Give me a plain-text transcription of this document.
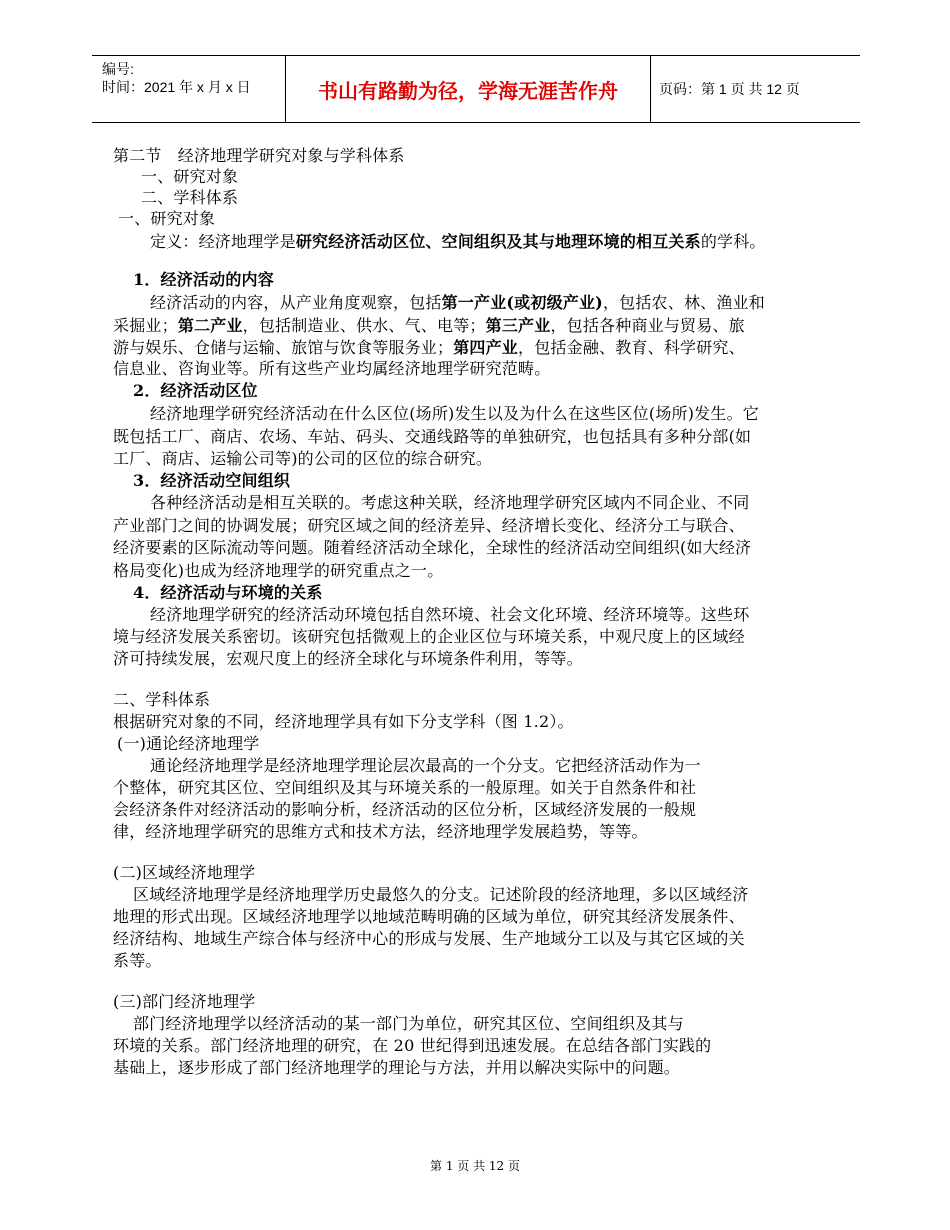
编号:
时间：2021 年 x 月 x 日	书山有路勤为径，学海无涯苦作舟	页码：第 1 页 共 12 页
第二节　经济地理学研究对象与学科体系
一、研究对象
二、学科体系
一、研究对象
定义：经济地理学是研究经济活动区位、空间组织及其与地理环境的相互关系的学科。
1．经济活动的内容
经济活动的内容，从产业角度观察，包括第一产业(或初级产业)，包括农、林、渔业和
采掘业；第二产业，包括制造业、供水、气、电等；第三产业，包括各种商业与贸易、旅
游与娱乐、仓储与运输、旅馆与饮食等服务业；第四产业，包括金融、教育、科学研究、
信息业、咨询业等。所有这些产业均属经济地理学研究范畴。
2．经济活动区位
经济地理学研究经济活动在什么区位(场所)发生以及为什么在这些区位(场所)发生。它
既包括工厂、商店、农场、车站、码头、交通线路等的单独研究，也包括具有多种分部(如
工厂、商店、运输公司等)的公司的区位的综合研究。
3．经济活动空间组织
各种经济活动是相互关联的。考虑这种关联，经济地理学研究区域内不同企业、不同
产业部门之间的协调发展；研究区域之间的经济差异、经济增长变化、经济分工与联合、
经济要素的区际流动等问题。随着经济活动全球化，全球性的经济活动空间组织(如大经济
格局变化)也成为经济地理学的研究重点之一。
4．经济活动与环境的关系
经济地理学研究的经济活动环境包括自然环境、社会文化环境、经济环境等。这些环
境与经济发展关系密切。该研究包括微观上的企业区位与环境关系，中观尺度上的区域经
济可持续发展，宏观尺度上的经济全球化与环境条件利用，等等。
二、学科体系
根据研究对象的不同，经济地理学具有如下分支学科（图 1.2）。
(一)通论经济地理学
通论经济地理学是经济地理学理论层次最高的一个分支。它把经济活动作为一
个整体，研究其区位、空间组织及其与环境关系的一般原理。如关于自然条件和社
会经济条件对经济活动的影响分析，经济活动的区位分析，区域经济发展的一般规
律，经济地理学研究的思维方式和技术方法，经济地理学发展趋势，等等。
(二)区域经济地理学
区域经济地理学是经济地理学历史最悠久的分支。记述阶段的经济地理，多以区域经济
地理的形式出现。区域经济地理学以地域范畴明确的区域为单位，研究其经济发展条件、
经济结构、地域生产综合体与经济中心的形成与发展、生产地域分工以及与其它区域的关
系等。
(三)部门经济地理学
部门经济地理学以经济活动的某一部门为单位，研究其区位、空间组织及其与
环境的关系。部门经济地理的研究，在 20 世纪得到迅速发展。在总结各部门实践的
基础上，逐步形成了部门经济地理学的理论与方法，并用以解决实际中的问题。
第 1 页 共 12 页
